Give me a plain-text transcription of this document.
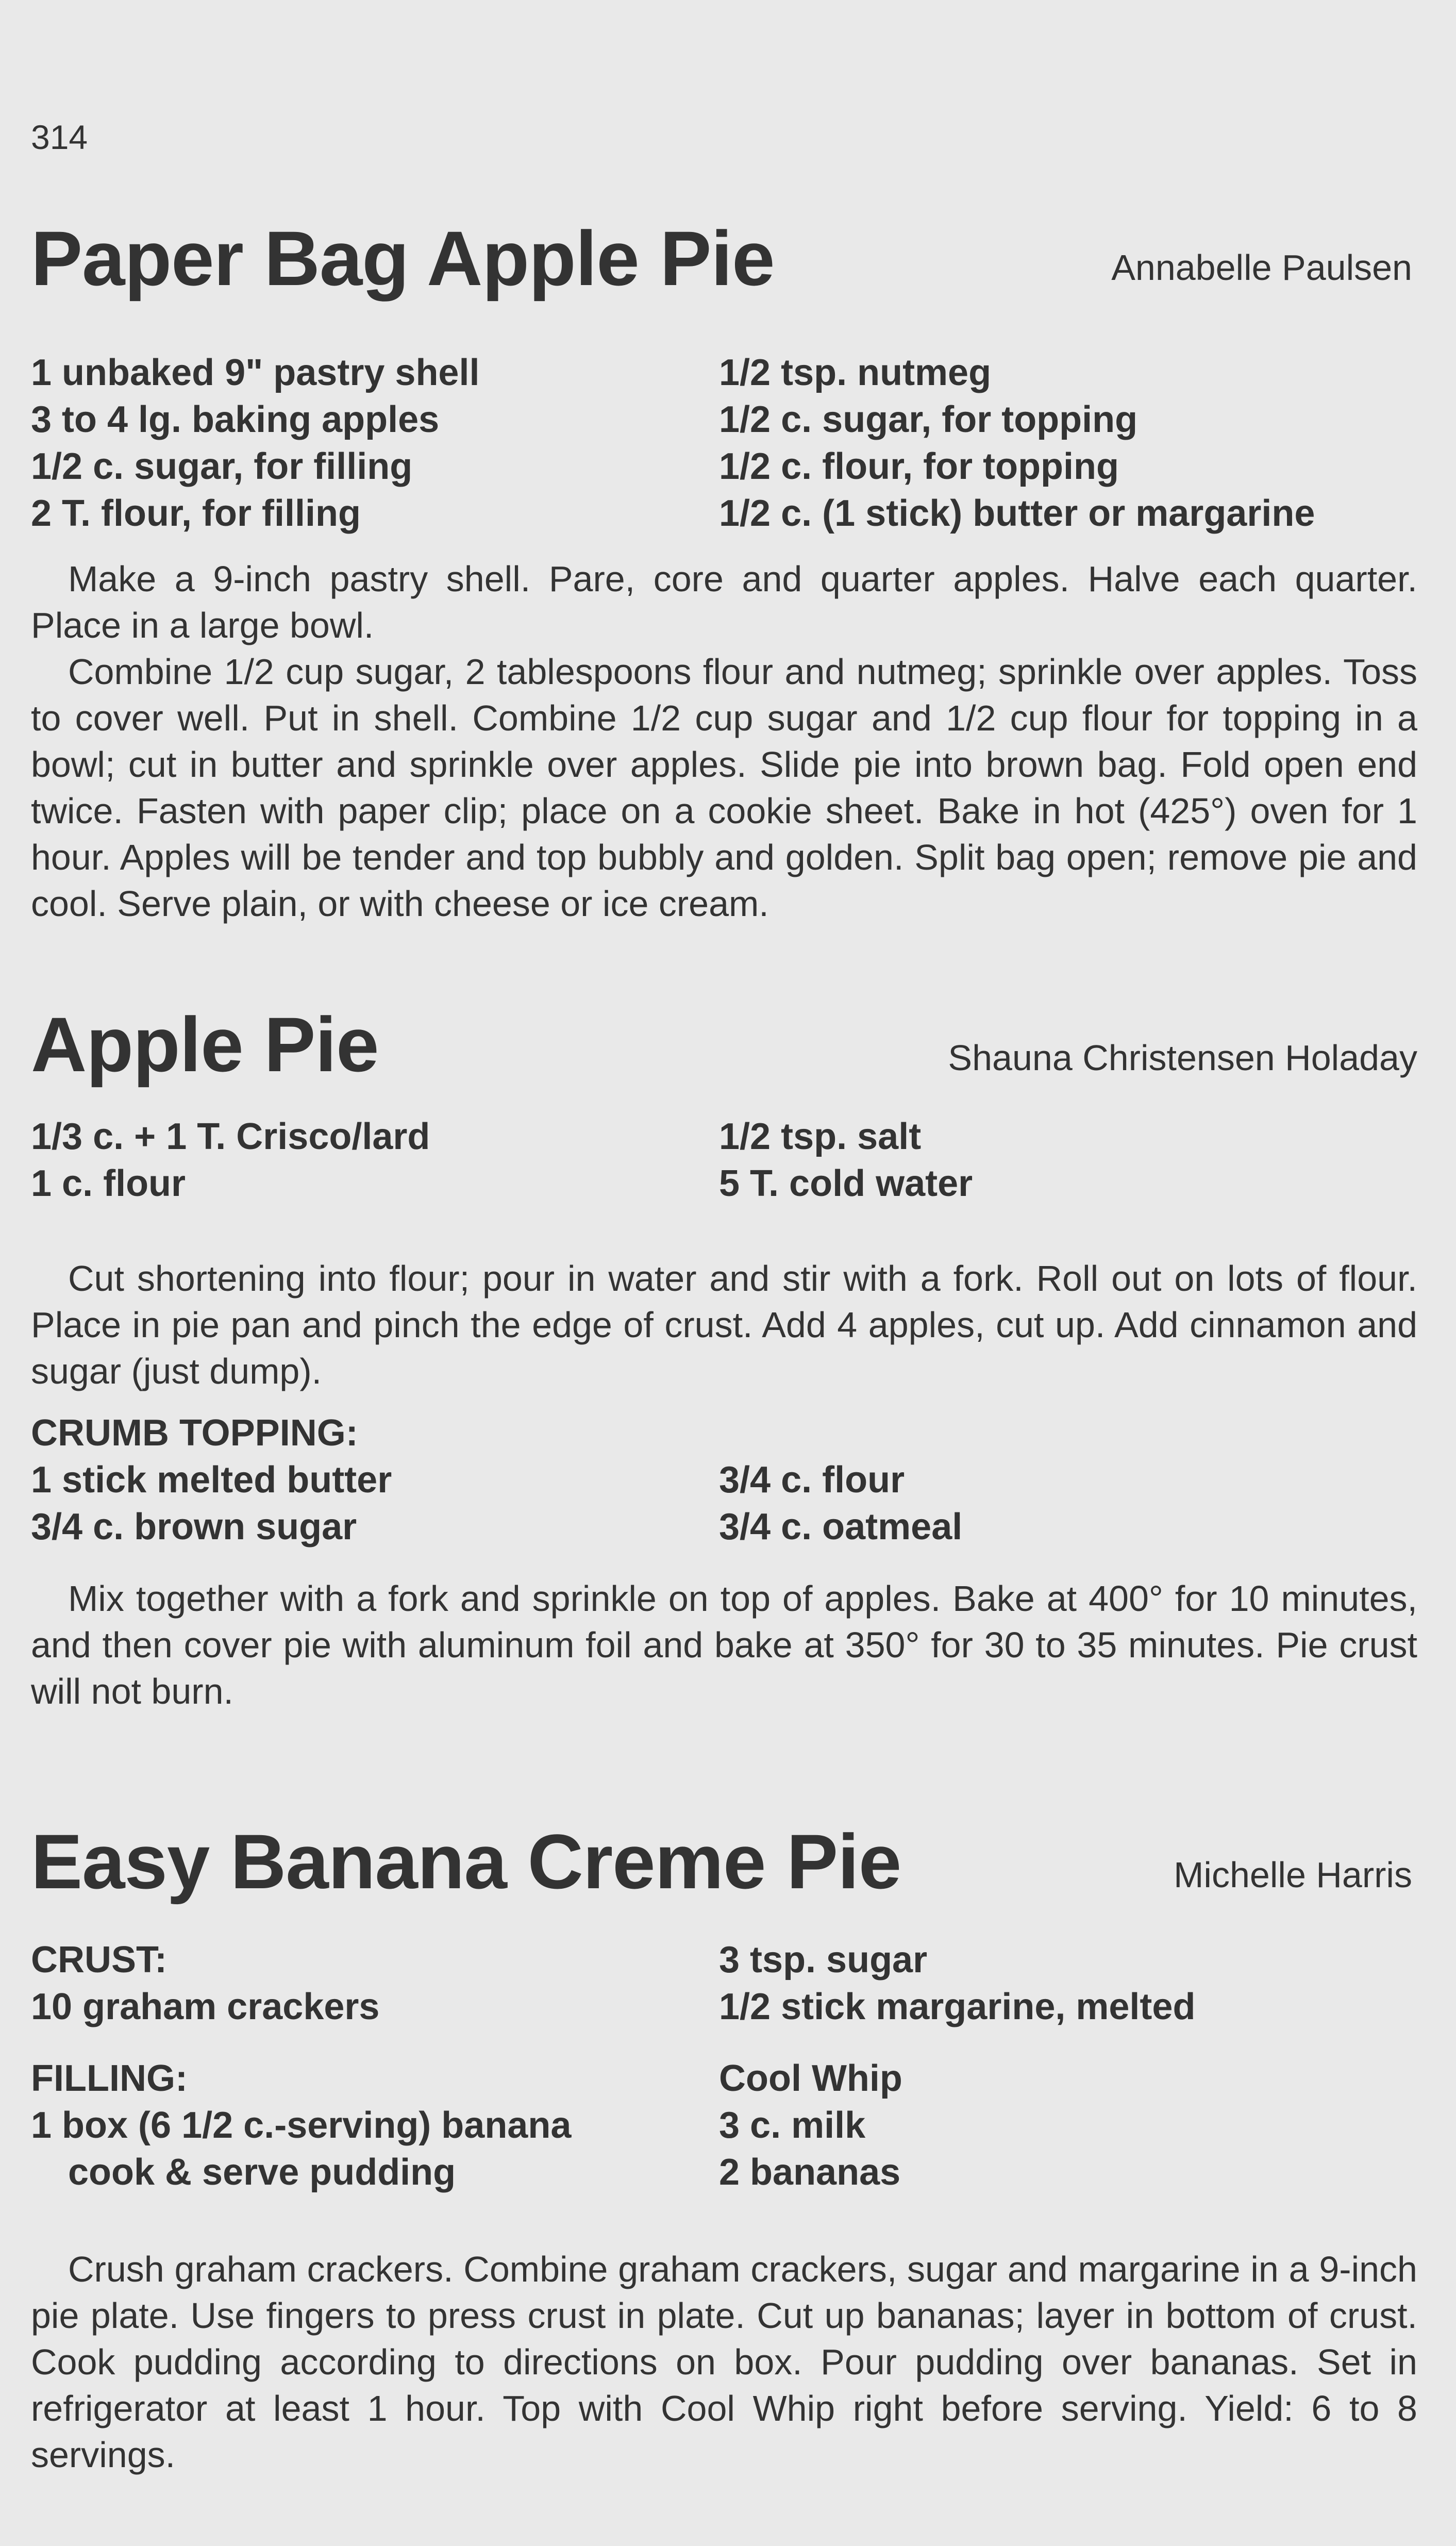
314
Paper Bag Apple Pie	Annabelle Paulsen
1 unbaked 9" pastry shell
3 to 4 lg. baking apples
1/2 c. sugar, for filling
2 T. flour, for filling
1/2 tsp. nutmeg
1/2 c. sugar, for topping
1/2 c. flour, for topping
1/2 c. (1 stick) butter or margarine

Make a 9-inch pastry shell. Pare, core and quarter apples. Halve each quarter. Place in a large bowl.

Combine 1/2 cup sugar, 2 tablespoons flour and nutmeg; sprinkle over apples. Toss to cover well. Put in shell. Combine 1/2 cup sugar and 1/2 cup flour for topping in a bowl; cut in butter and sprinkle over apples. Slide pie into brown bag. Fold open end twice. Fasten with paper clip; place on a cookie sheet. Bake in hot (425°) oven for 1 hour. Apples will be tender and top bubbly and golden. Split bag open; remove pie and cool. Serve plain, or with cheese or ice cream.

Apple Pie	Shauna Christensen Holaday
1/3 c. + 1 T. Crisco/lard
1 c. flour
1/2 tsp. salt
5 T. cold water

Cut shortening into flour; pour in water and stir with a fork. Roll out on lots of flour. Place in pie pan and pinch the edge of crust. Add 4 apples, cut up. Add cinnamon and sugar (just dump).

CRUMB TOPPING:
1 stick melted butter
3/4 c. brown sugar
3/4 c. flour
3/4 c. oatmeal

Mix together with a fork and sprinkle on top of apples. Bake at 400° for 10 minutes, and then cover pie with aluminum foil and bake at 350° for 30 to 35 minutes. Pie crust will not burn.

Easy Banana Creme Pie	Michelle Harris
CRUST:
10 graham crackers
3 tsp. sugar
1/2 stick margarine, melted
FILLING:
1 box (6 1/2 c.-serving) banana
cook & serve pudding
Cool Whip
3 c. milk
2 bananas

Crush graham crackers. Combine graham crackers, sugar and margarine in a 9-inch pie plate. Use fingers to press crust in plate. Cut up bananas; layer in bottom of crust. Cook pudding according to directions on box. Pour pudding over bananas. Set in refrigerator at least 1 hour. Top with Cool Whip right before serving. Yield: 6 to 8 servings.
